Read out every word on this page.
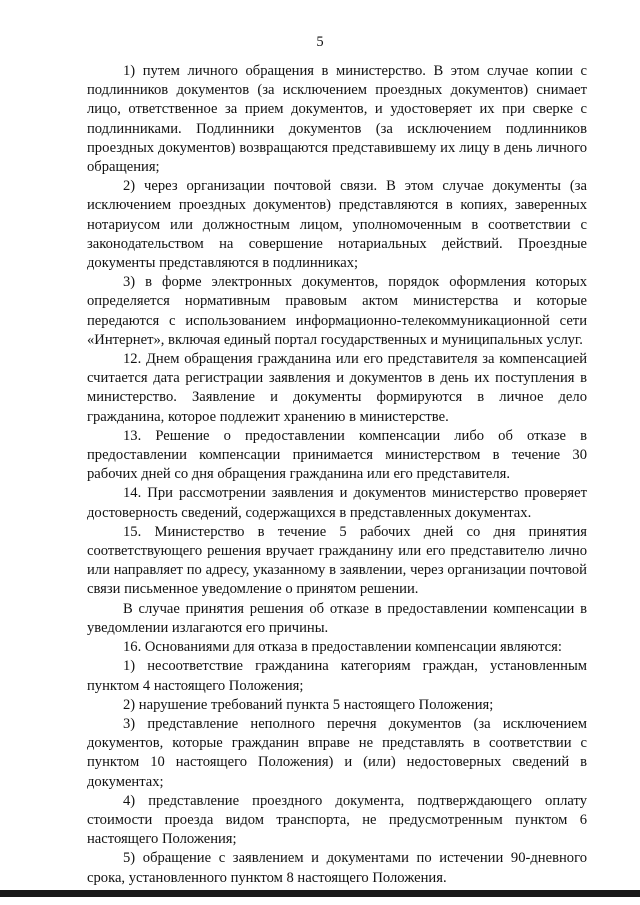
5

1) путем личного обращения в министерство. В этом случае копии с подлинников документов (за исключением проездных документов) снимает лицо, ответственное за прием документов, и удостоверяет их при сверке с подлинниками. Подлинники документов (за исключением подлинников проездных документов) возвращаются представившему их лицу в день личного обращения;

2) через организации почтовой связи. В этом случае документы (за исключением проездных документов) представляются в копиях, заверенных нотариусом или должностным лицом, уполномоченным в соответствии с законодательством на совершение нотариальных действий. Проездные документы представляются в подлинниках;

3) в форме электронных документов, порядок оформления которых определяется нормативным правовым актом министерства и которые передаются с использованием информационно-телекоммуникационной сети «Интернет», включая единый портал государственных и муниципальных услуг.

12. Днем обращения гражданина или его представителя за компенсацией считается дата регистрации заявления и документов в день их поступления в министерство. Заявление и документы формируются в личное дело гражданина, которое подлежит хранению в министерстве.

13. Решение о предоставлении компенсации либо об отказе в предоставлении компенсации принимается министерством в течение 30 рабочих дней со дня обращения гражданина или его представителя.

14. При рассмотрении заявления и документов министерство проверяет достоверность сведений, содержащихся в представленных документах.

15. Министерство в течение 5 рабочих дней со дня принятия соответствующего решения вручает гражданину или его представителю лично или направляет по адресу, указанному в заявлении, через организации почтовой связи письменное уведомление о принятом решении.

В случае принятия решения об отказе в предоставлении компенсации в уведомлении излагаются его причины.

16. Основаниями для отказа в предоставлении компенсации являются:

1) несоответствие гражданина категориям граждан, установленным пунктом 4 настоящего Положения;

2) нарушение требований пункта 5 настоящего Положения;

3) представление неполного перечня документов (за исключением документов, которые гражданин вправе не представлять в соответствии с пунктом 10 настоящего Положения) и (или) недостоверных сведений в документах;

4) представление проездного документа, подтверждающего оплату стоимости проезда видом транспорта, не предусмотренным пунктом 6 настоящего Положения;

5) обращение с заявлением и документами по истечении 90-дневного срока, установленного пунктом 8 настоящего Положения.
